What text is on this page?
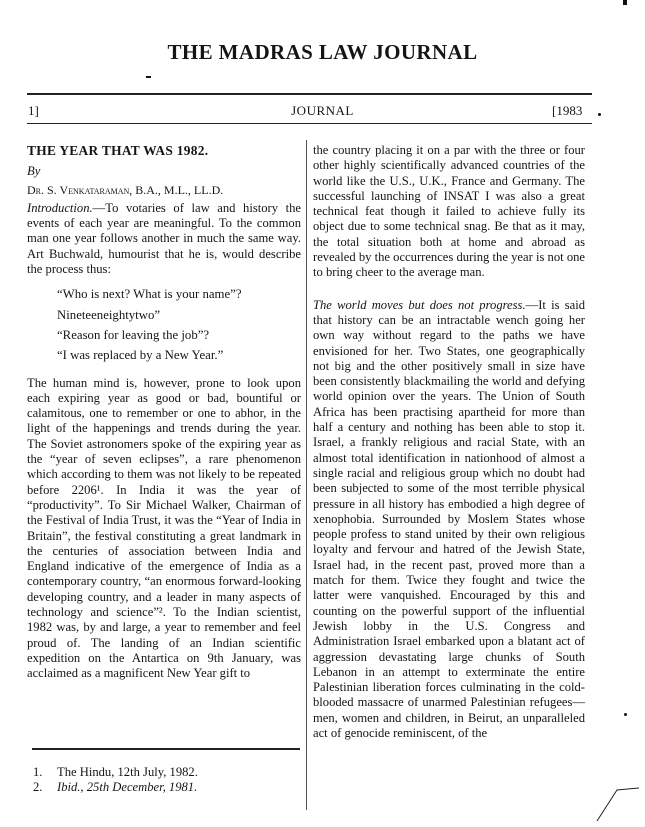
THE MADRAS LAW JOURNAL
1]	JOURNAL	[1983
THE YEAR THAT WAS 1982.
By
Dr. S. Venkataraman, B.A., M.L., LL.D.

Introduction.—To votaries of law and history the events of each year are meaningful. To the common man one year follows another in much the same way. Art Buchwald, humourist that he is, would describe the process thus:

“Who is next? What is your name”?
Nineteeneightytwo”
“Reason for leaving the job”?
“I was replaced by a New Year.”

The human mind is, however, prone to look upon each expiring year as good or bad, bountiful or calamitous, one to remember or one to abhor, in the light of the happenings and trends during the year. The Soviet astronomers spoke of the expiring year as the “year of seven eclipses”, a rare phenomenon which according to them was not likely to be repeated before 2206¹. In India it was the year of “productivity”. To Sir Michael Walker, Chairman of the Festival of India Trust, it was the “Year of India in Britain”, the festival constituting a great landmark in the centuries of association between India and England indicative of the emergence of India as a contemporary country, “an enormous forward-looking developing country, and a leader in many aspects of technology and science”². To the Indian scientist, 1982 was, by and large, a year to remember and feel proud of. The landing of an Indian scientific expedition on the Antartica on 9th January, was acclaimed as a magnificent New Year gift to

1. The Hindu, 12th July, 1982.
2. Ibid., 25th December, 1981.

the country placing it on a par with the three or four other highly scientifically advanced countries of the world like the U.S., U.K., France and Germany. The successful launching of INSAT I was also a great technical feat though it failed to achieve fully its object due to some technical snag. Be that as it may, the total situation both at home and abroad as revealed by the occurrences during the year is not one to bring cheer to the average man.

The world moves but does not progress.—It is said that history can be an intractable wench going her own way without regard to the paths we have envisioned for her. Two States, one geographically not big and the other positively small in size have been consistently blackmailing the world and defying world opinion over the years. The Union of South Africa has been practising apartheid for more than half a century and nothing has been able to stop it. Israel, a frankly religious and racial State, with an almost total identification in nationhood of almost a single racial and religious group which no doubt had been subjected to some of the most terrible physical pressure in all history has embodied a high degree of xenophobia. Surrounded by Moslem States whose people profess to stand united by their own religious loyalty and fervour and hatred of the Jewish State, Israel had, in the recent past, proved more than a match for them. Twice they fought and twice the latter were vanquished. Encouraged by this and counting on the powerful support of the influential Jewish lobby in the U.S. Congress and Administration Israel embarked upon a blatant act of aggression devastating large chunks of South Lebanon in an attempt to exterminate the entire Palestinian liberation forces culminating in the cold-blooded massacre of unarmed Palestinian refugees—men, women and children, in Beirut, an unparalleled act of genocide reminiscent, of the
